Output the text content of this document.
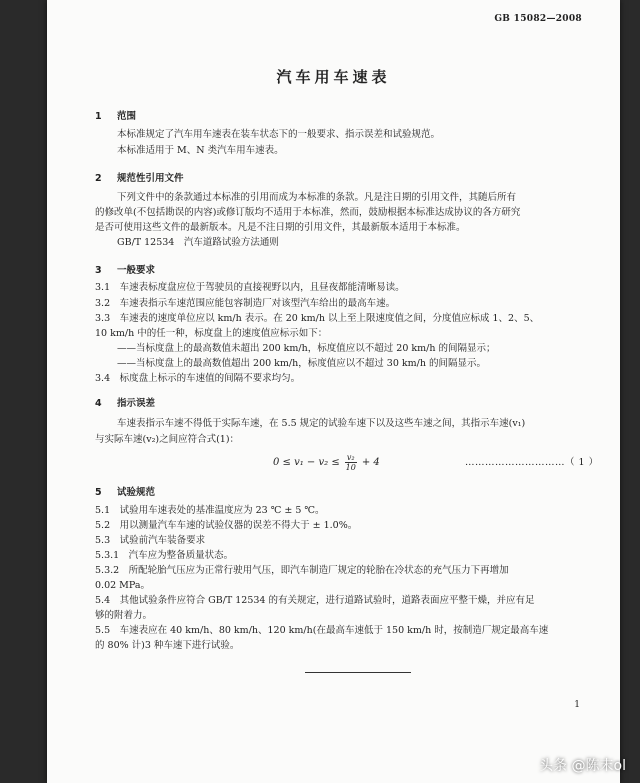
GB 15082—2008
汽车用车速表
1 范围
本标准规定了汽车用车速表在装车状态下的一般要求、指示误差和试验规范。
本标准适用于 M、N 类汽车用车速表。
2 规范性引用文件
下列文件中的条款通过本标准的引用而成为本标准的条款。凡是注日期的引用文件，其随后所有
的修改单(不包括勘误的内容)或修订版均不适用于本标准，然而，鼓励根据本标准达成协议的各方研究
是否可使用这些文件的最新版本。凡是不注日期的引用文件，其最新版本适用于本标准。
GB/T 12534　汽车道路试验方法通则
3 一般要求
3.1　车速表标度盘应位于驾驶员的直接视野以内，且昼夜都能清晰易读。
3.2　车速表指示车速范围应能包容制造厂对该型汽车给出的最高车速。
3.3　车速表的速度单位应以 km/h 表示。在 20 km/h 以上至上限速度值之间，分度值应标成 1、2、5、
10 km/h 中的任一种，标度盘上的速度值应标示如下：
——当标度盘上的最高数值未超出 200 km/h，标度值应以不超过 20 km/h 的间隔显示；
——当标度盘上的最高数值超出 200 km/h，标度值应以不超过 30 km/h 的间隔显示。
3.4　标度盘上标示的车速值的间隔不要求均匀。
4 指示误差
车速表指示车速不得低于实际车速，在 5.5 规定的试验车速下以及这些车速之间，其指示车速(v₁)
与实际车速(v₂)之间应符合式(1)：
$0 \le v_1 - v_2 \le \frac{\text{v₂}}{10} + 4$	…………………………（ 1 ）
5 试验规范
5.1　试验用车速表处的基准温度应为 23 ℃ ± 5 ℃。
5.2　用以测量汽车车速的试验仪器的误差不得大于 ± 1.0%。
5.3　试验前汽车装备要求
5.3.1　汽车应为整备质量状态。
5.3.2　所配轮胎气压应为正常行驶用气压，即汽车制造厂规定的轮胎在冷状态的充气压力下再增加
0.02 MPa。
5.4　其他试验条件应符合 GB/T 12534 的有关规定，进行道路试验时，道路表面应平整干燥，并应有足
够的附着力。
5.5　车速表应在 40 km/h、80 km/h、120 km/h(在最高车速低于 150 km/h 时，按制造厂规定最高车速
的 80% 计)3 种车速下进行试验。
1
头条 @陈末ol
